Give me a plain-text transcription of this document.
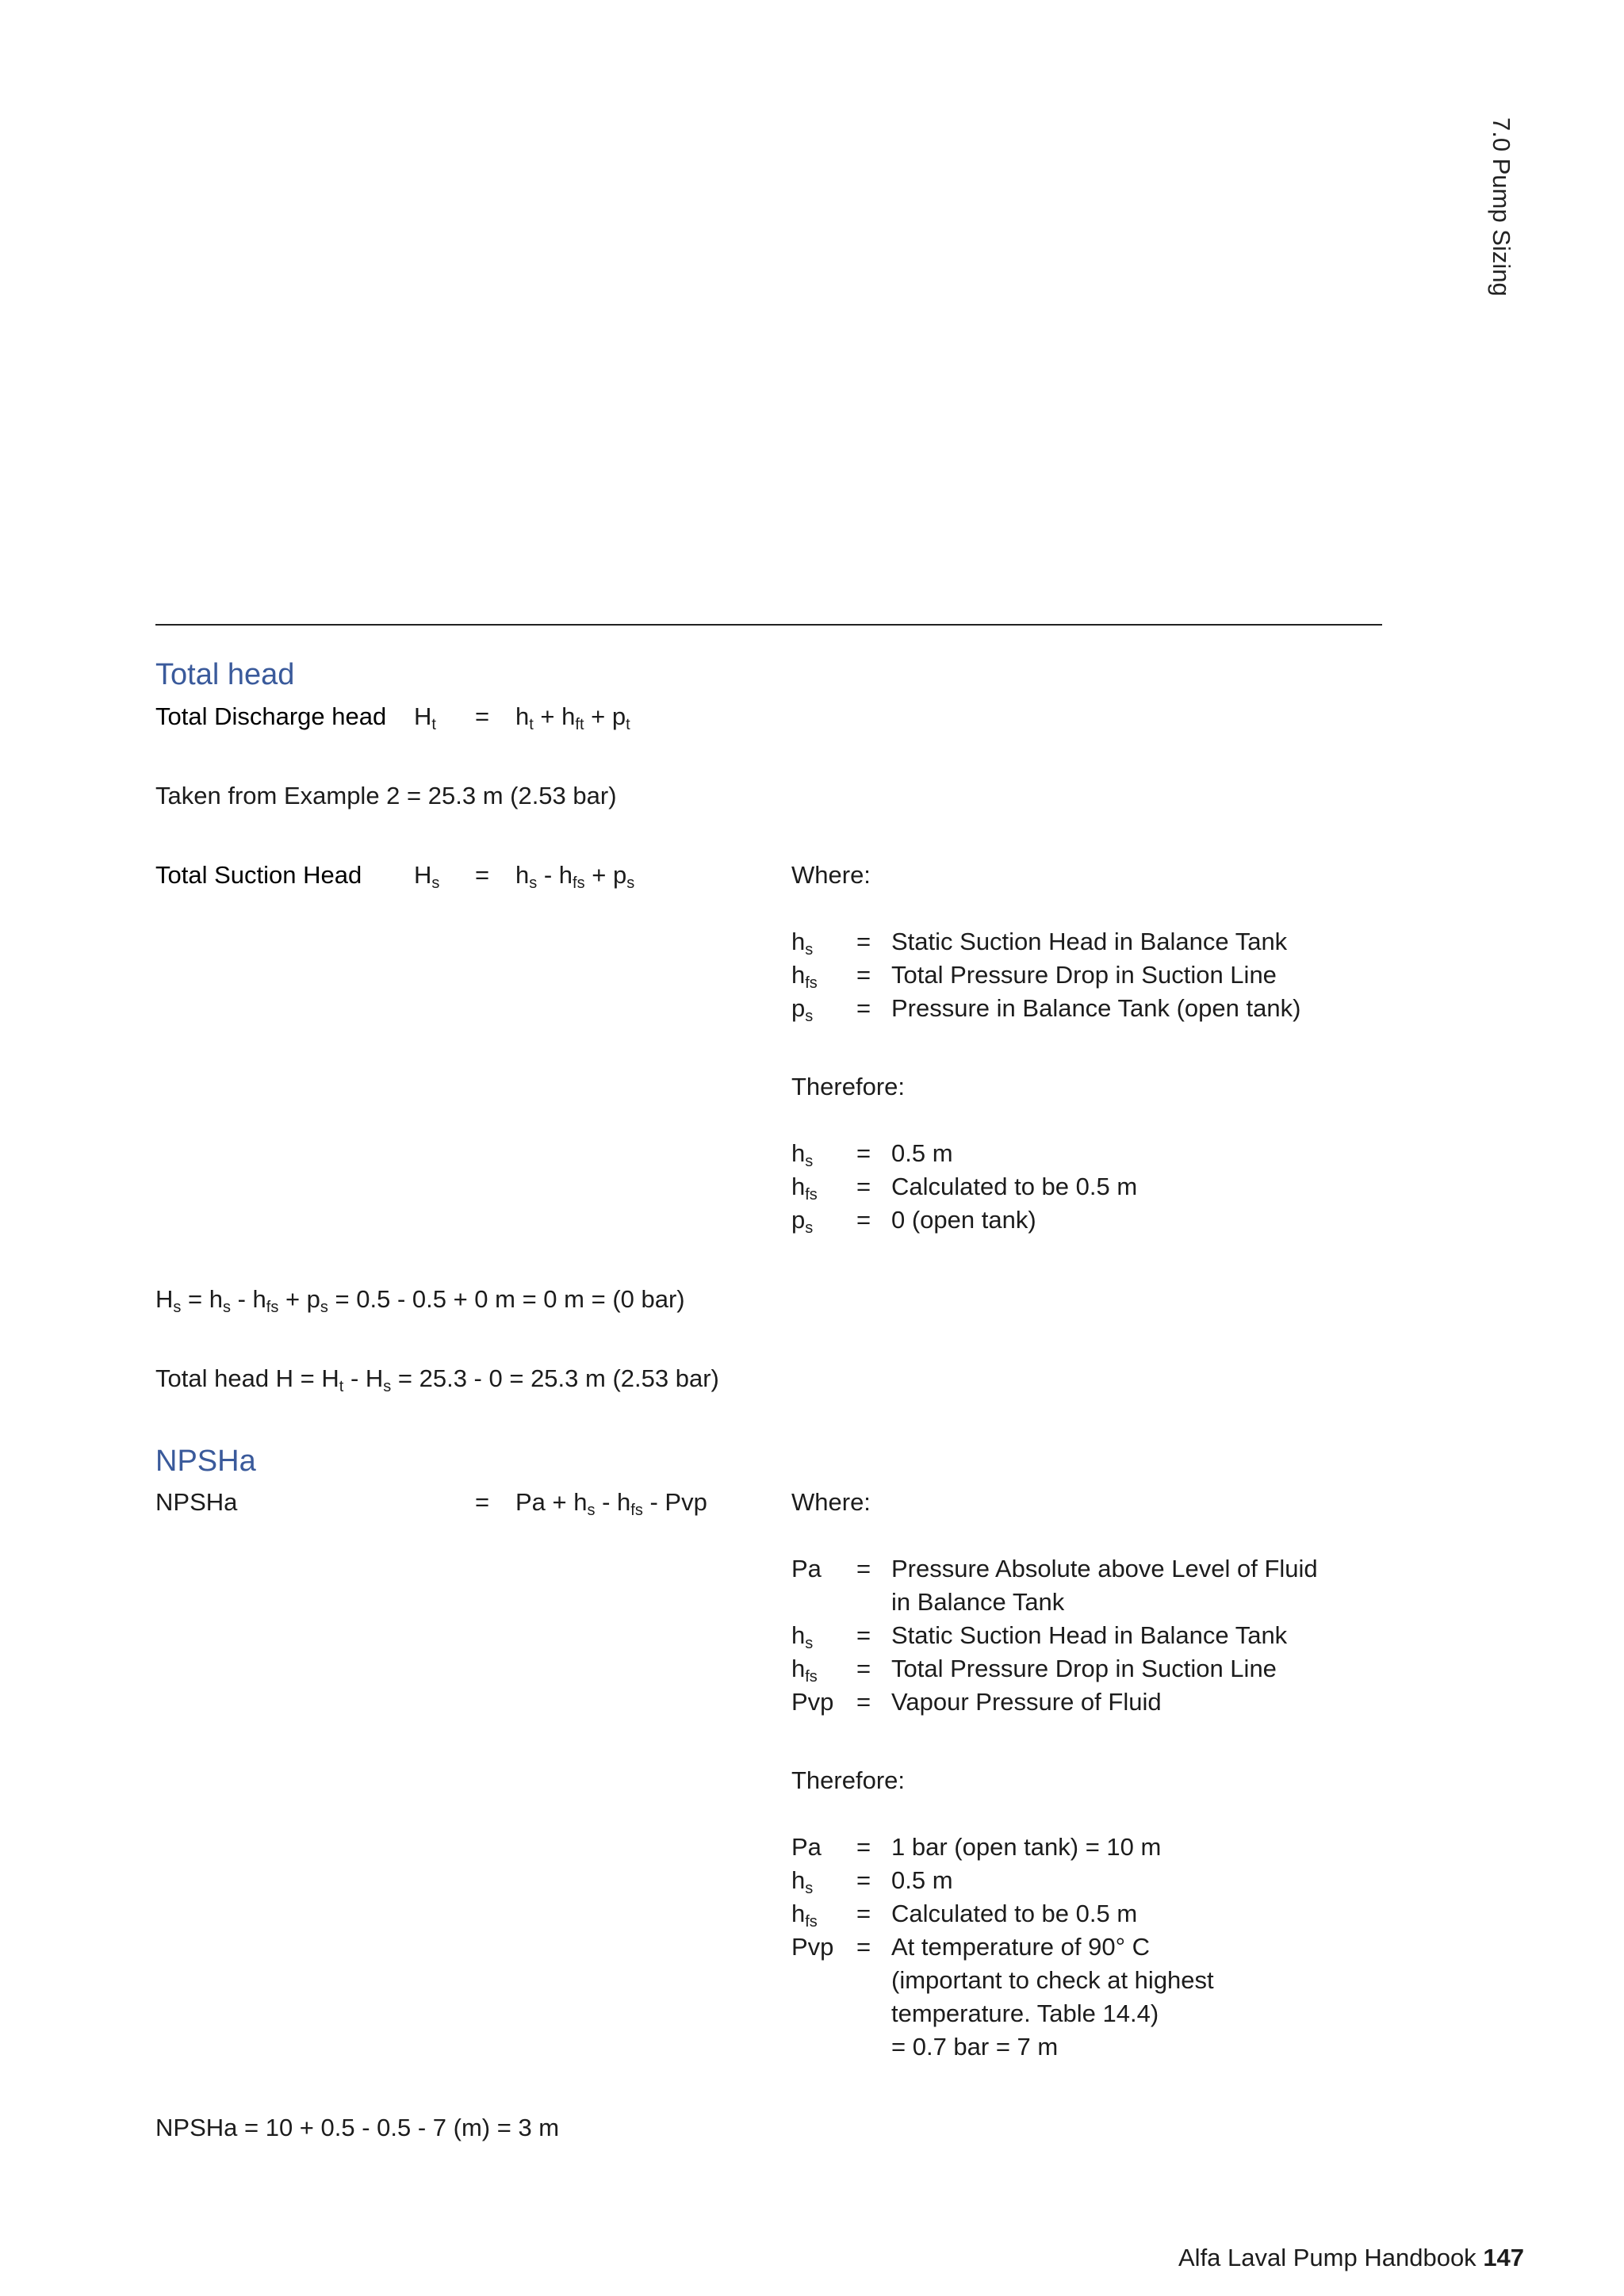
7.0 Pump Sizing
Total head
Total Discharge head $H_t = h_t + h_{ft} + p_t$
Taken from Example 2 = 25.3 m (2.53 bar)
Total Suction Head $H_s = h_s - h_{fs} + p_s$	Where:
$h_s$ = Static Suction Head in Balance Tank
$h_{fs}$ = Total Pressure Drop in Suction Line
$p_s$ = Pressure in Balance Tank (open tank)
Therefore:
$h_s = 0.5$ m
$h_{fs}$ = Calculated to be 0.5 m
$p_s = 0$ (open tank)
$H_s = h_s - h_{fs} + p_s = 0.5 - 0.5 + 0$ m = 0 m = (0 bar)
Total head $H = H_t - H_s = 25.3 - 0 = 25.3$ m (2.53 bar)
NPSHa
NPSHa	= $Pa + h_s - h_{fs}$ - Pvp	Where:
Pa = Pressure Absolute above Level of Fluid
in Balance Tank
$h_s$ = Static Suction Head in Balance Tank
$h_{fs}$ = Total Pressure Drop in Suction Line
Pvp = Vapour Pressure of Fluid
Therefore:
Pa = 1 bar (open tank) = 10 m
$h_s = 0.5$ m
$h_{fs}$ = Calculated to be 0.5 m
Pvp = At temperature of 90° C
(important to check at highest
temperature. Table 14.4)
= 0.7 bar = 7 m
NPSHa = 10 + 0.5 - 0.5 - 7 (m) = 3 m
Alfa Laval Pump Handbook 147
